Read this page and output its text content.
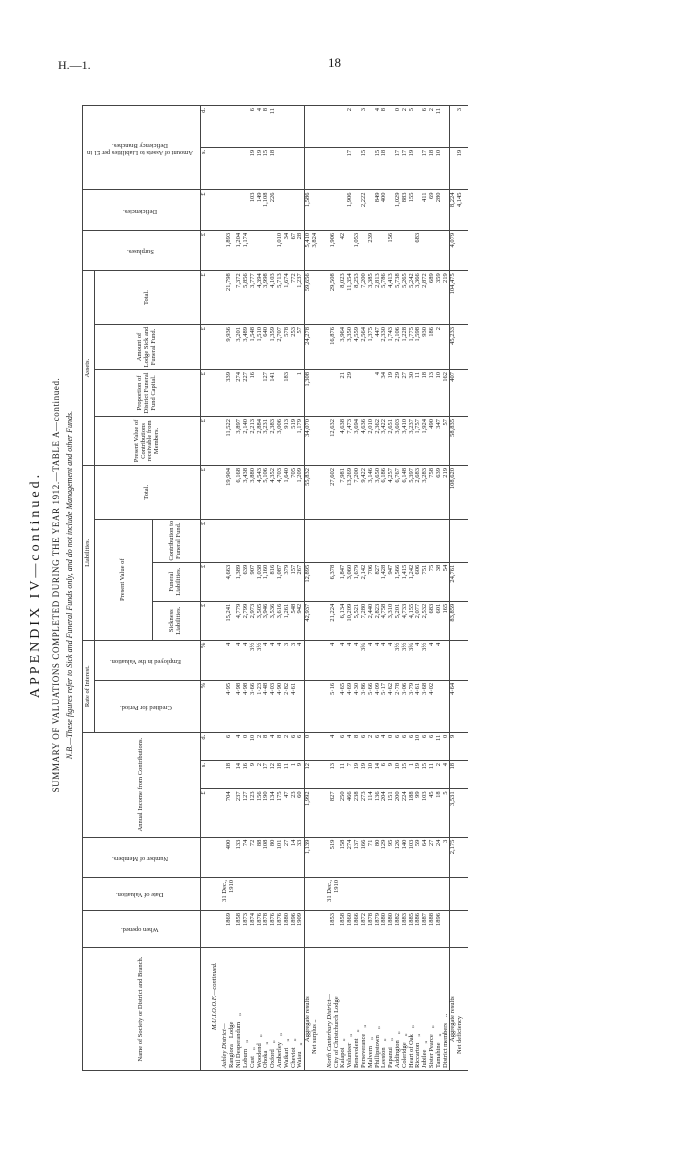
H.—1.	18
APPENDIX IV—continued. SUMMARY OF VALUATIONS COMPLETED DURING THE YEAR 1912.—TABLE A—continued. N.B.—These figures refer to Sick and Funeral Funds only, and do not include Management and other Funds.
Name of Society or District and Branch.	When opened.	Date of Valuation.	Number of Members.	Annual Income from Contributions.			Rate of Interest.		Liabilities.				Assets.				Surpluses.	Deficiencies.	Amount of Assets to Liabilities per £1 in Deficiency Branches.	
							Credited for Period.	Employed in the Valuation.	Present Value of			Total.	Present Value of Contributions receivable from Members.	Proportion of District Funeral Fund Capital.	Amount of Lodge Sick and Funeral Fund.	Total.				
									Sickness Liabilities.	Funeral Liabilities.	Contribution to Funeral Fund.									
				£	s.	d.	%	%	£	£	£	£	£	£	£	£	£	£	s.	d.
M.U.I.O.O.F.—continued.																				

Ashley District— RangioraLodge	1869	31 Dec., 1910	400	704	18	6	4·95	4	15,241	4,663		19,904	11,522	339	9,936	21,798	1,893			
Nil Desperandum„	1858		133	237	14	4	4·98	4	4,779	1,389		6,168	3,897	274	3,201	7,372	1,204			
Loburn„	1873		74	127	16	0	4·98	4	2,799	639		3,438	2,140	227	3,489	5,856	1,174			
Cust„	1874		72	123	9	10	3·66	3½	2,973	907		3,880	2,213	16	1,548	3,777		103	19	6
Woodend„	1876		88	156	2	2	1·23	3½	3,505	1,038		4,543	2,884		1,510	4,394		149	19	4
Ohoka„	1878		108	190	17	8	4·48	4	3,946	1,160		5,106	3,231	127	640	3,998		1,108	15	8
Oxford„	1876		80	134	12	4	4·03	4	3,536	816		4,352	2,383	141	1,359	4,103		226	18	11
Amberley„	1876		101	175	18	8	4·90	4	3,616	1,087		4,703	3,006		2,707	5,713	1,010			
Waikari„	1880		27	47	11	2	2·82	3	1,261	379		1,640	913	183	578	1,674	34			
Cheviot„	1896		14	23	1	6	4·61	3	548	157		705	519		253	772	67			
Waiau„	1909		33	60	9	6		4	942	267		1,209	1,179	1	57	1,237	28			
Aggregate results			1,139	1,992	12	0			42,937	12,895		55,832	34,070	1,308	24,278	59,656	5,410	1,586		
Net surplus ..																	3,824			

North Canterbury District— City of Christchurch Lodge	1853	31 Dec., 1910	519	827	13	4	5·16	4	21,224	6,378		27,602	12,632		16,876	29,508	1,906			
Kaiapoi„	1858		158	250	11	6	4·65	4	6,134	1,847		7,981	4,638	21	3,964	8,023	42			
Volunteer„	1860		274	466	7	4	4·69	4	10,209	3,060		13,269	7,473	29	3,350	11,354		1,906	17	2
Benevolent„	1866		137	238	19	8	4·30	4	5,521	1,679		7,200	3,694		4,559	8,253	1,053			
Perseverance„	1872		166	273	19	6	3·86	3¾	7,280	2,142		9,422	4,636		2,564	7,200		2,222	15	3
Malvern„	1878		71	114	10	2	5·66	4	2,440	706		3,146	2,010		1,375	3,385	239			
Phillipstown„	1879		80	136	14	6	4·09	4	2,823	827		3,650	2,362	4	447	2,813		849	15	4
Leeston„	1880		129	204	6	4	5·17	4	4,758	1,428		6,186	3,422	34	2,330	5,786		400	18	8
Papanui„	1880		95	151	9	0	4·62	4	3,310	947		4,257	2,651	19	1,743	4,413	156			
Addington„	1882		126	200	10	6	2·78	3½	5,201	1,566		6,767	3,603	29	2,106	5,738		1,029	17	0
Coleridge„	1883		140	224	15	6	3·06	3½	4,733	1,415		6,148	3,410	27	1,228	5,265		883	17	2
Heart of Oak„	1885		103	188	1	6	3·79	3¾	4,155	1,242		5,397	3,237	30	1,775	5,242		155	19	5
Riccarton„	1886		59	99	19	10	4·61	4	2,077	606		2,683	1,757	11	1,598	3,366	683			
Jubilee„	1887		64	103	15	6	3·68	3½	2,532	751		3,283	1,924	18	930	2,872		411	17	6
Sister Pearce„	1888		27	45	11	6	4·02	4	683	75		758	490	13	186	689		69	18	2
Tamahine„	1896		24	18	2	11		4	601	38		639	347	10	2	359		280	10	11
District members..			3	5	4	0			165	54		219	57	162		219				
Aggregate results			2,175	3,531	18	9	4·64		83,859	24,761		108,620	58,835	407	45,233	104,475	4,079	8,224		
Net deficiency																		4,145	19	3
